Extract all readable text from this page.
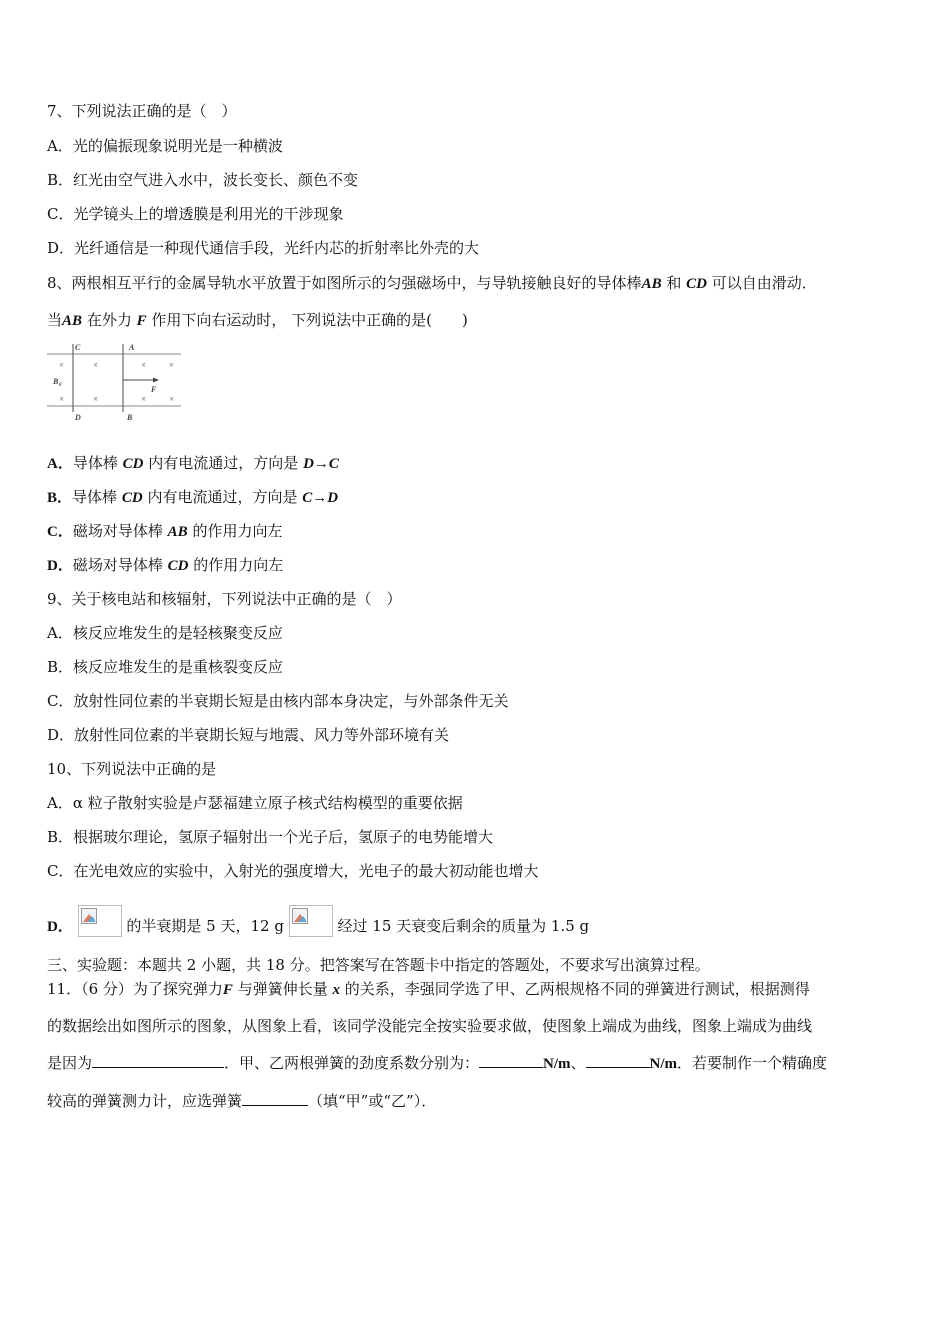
7、下列说法正确的是（　）
A．光的偏振现象说明光是一种横波
B．红光由空气进入水中，波长变长、颜色不变
C．光学镜头上的增透膜是利用光的干涉现象
D．光纤通信是一种现代通信手段，光纤内芯的折射率比外壳的大
8、两根相互平行的金属导轨水平放置于如图所示的匀强磁场中，与导轨接触良好的导体棒AB 和 CD 可以自由滑动．
当AB 在外力 F 作用下向右运动时， 下列说法中正确的是(　　)
×	×	×	×
×	×	×	×
C	A
B 0	F
D	B
A．导体棒 CD 内有电流通过，方向是 D→C
B．导体棒 CD 内有电流通过，方向是 C→D
C．磁场对导体棒 AB 的作用力向左
D．磁场对导体棒 CD 的作用力向左
9、关于核电站和核辐射，下列说法中正确的是（　）
A．核反应堆发生的是轻核聚变反应
B．核反应堆发生的是重核裂变反应
C．放射性同位素的半衰期长短是由核内部本身决定，与外部条件无关
D．放射性同位素的半衰期长短与地震、风力等外部环境有关
10、下列说法中正确的是
A．α 粒子散射实验是卢瑟福建立原子核式结构模型的重要依据
B．根据玻尔理论，氢原子辐射出一个光子后，氢原子的电势能增大
C．在光电效应的实验中，入射光的强度增大，光电子的最大初动能也增大
D．	的半衰期是 5 天，12 g	经过 15 天衰变后剩余的质量为 1.5 g
三、实验题：本题共 2 小题，共 18 分。把答案写在答题卡中指定的答题处，不要求写出演算过程。
11．（6 分）为了探究弹力F 与弹簧伸长量 x 的关系，李强同学选了甲、乙两根规格不同的弹簧进行测试，根据测得
的数据绘出如图所示的图象，从图象上看，该同学没能完全按实验要求做，使图象上端成为曲线，图象上端成为曲线
是因为	．甲、乙两根弹簧的劲度系数分别为：	N/m、	N/m．若要制作一个精确度
较高的弹簧测力计，应选弹簧	（填“甲”或“乙”）．
